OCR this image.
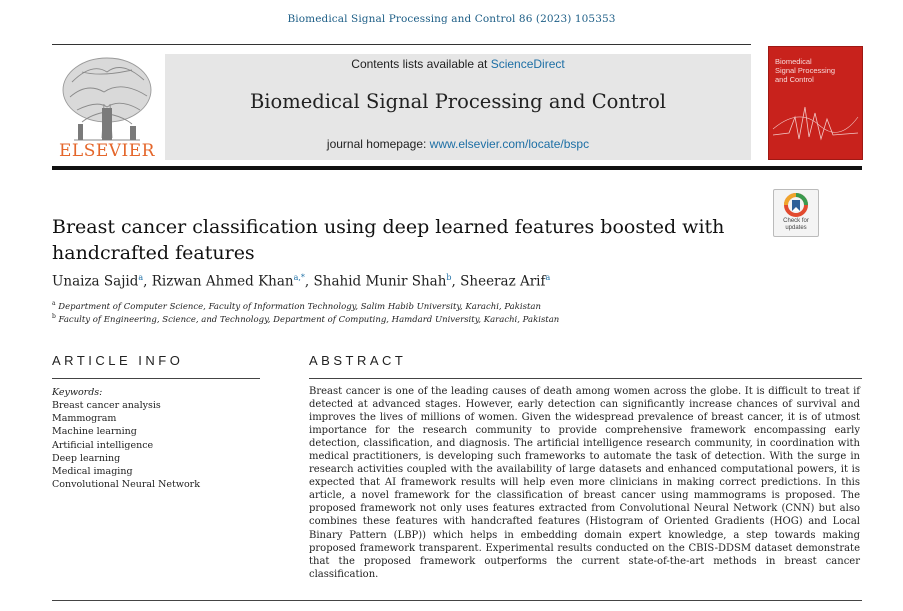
Biomedical Signal Processing and Control 86 (2023) 105353
ELSEVIER
Contents lists available at ScienceDirect
Biomedical Signal Processing and Control
journal homepage: www.elsevier.com/locate/bspc
Biomedical
Signal Processing
and Control
Check for updates
Breast cancer classification using deep learned features boosted with handcrafted features
Unaiza Sajid$^a$, Rizwan Ahmed Khan$^{a,*}$, Shahid Munir Shah$^b$, Sheeraz Arif$^a$
$^a$ Department of Computer Science, Faculty of Information Technology, Salim Habib University, Karachi, Pakistan
$^b$ Faculty of Engineering, Science, and Technology, Department of Computing, Hamdard University, Karachi, Pakistan
ARTICLE INFO	ABSTRACT
Keywords:
Breast cancer analysis
Mammogram
Machine learning
Artificial intelligence
Deep learning
Medical imaging
Convolutional Neural Network
Breast cancer is one of the leading causes of death among women across the globe. It is difficult to treat if detected at advanced stages. However, early detection can significantly increase chances of survival and improves the lives of millions of women. Given the widespread prevalence of breast cancer, it is of utmost importance for the research community to provide comprehensive framework encompassing early detection, classification, and diagnosis. The artificial intelligence research community, in coordination with medical practitioners, is developing such frameworks to automate the task of detection. With the surge in research activities coupled with the availability of large datasets and enhanced computational powers, it is expected that AI framework results will help even more clinicians in making correct predictions. In this article, a novel framework for the classification of breast cancer using mammograms is proposed. The proposed framework not only uses features extracted from Convolutional Neural Network (CNN) but also combines these features with handcrafted features (Histogram of Oriented Gradients (HOG) and Local Binary Pattern (LBP)) which helps in embedding domain expert knowledge, a step towards making proposed framework transparent. Experimental results conducted on the CBIS-DDSM dataset demonstrate that the proposed framework outperforms the current state-of-the-art methods in breast cancer classification.
